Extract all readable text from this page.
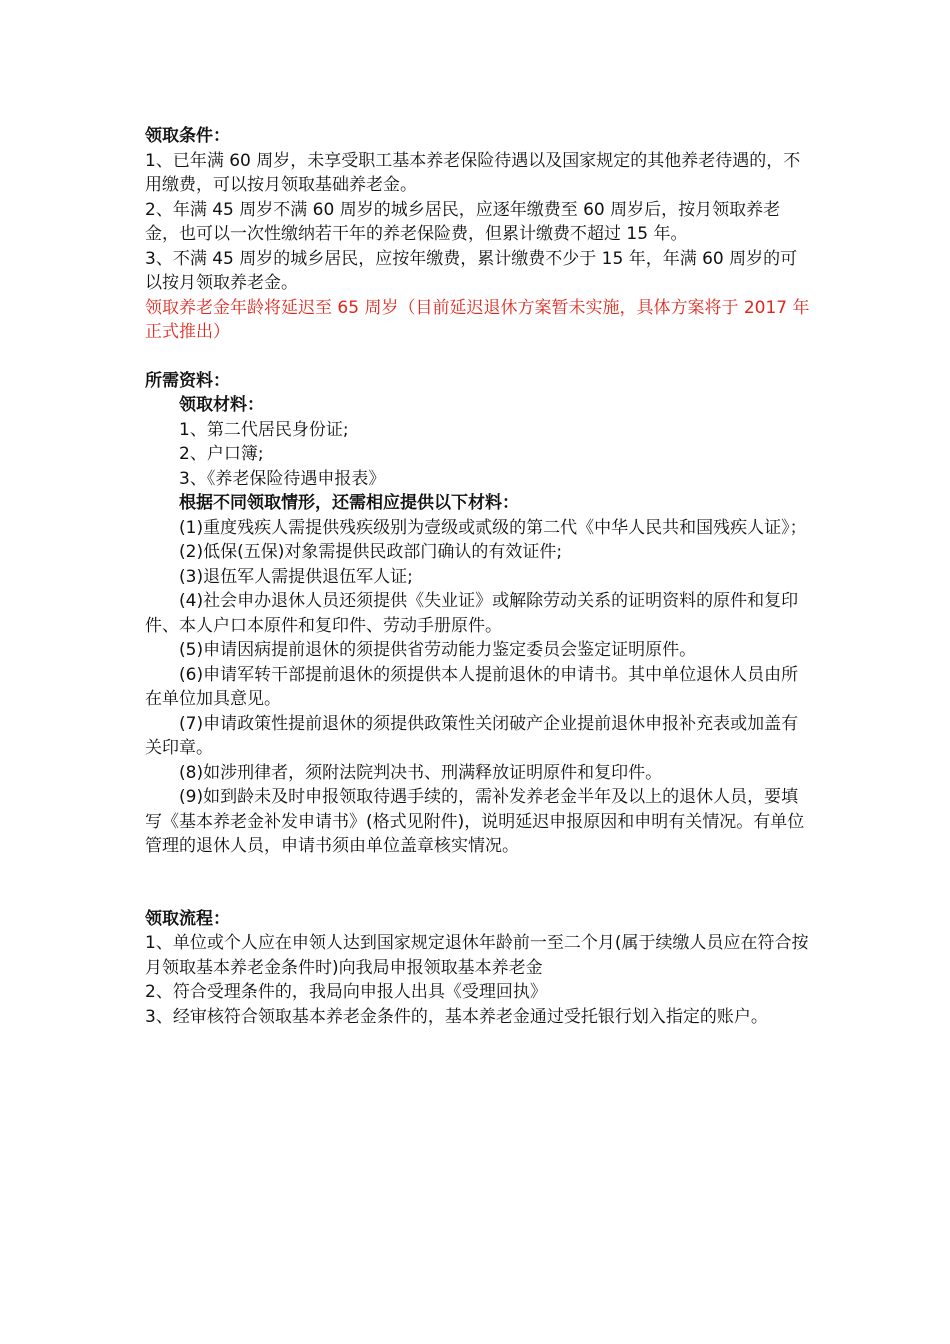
领取条件：

1、已年满 60 周岁，未享受职工基本养老保险待遇以及国家规定的其他养老待遇的，不用缴费，可以按月领取基础养老金。

2、年满 45 周岁不满 60 周岁的城乡居民，应逐年缴费至 60 周岁后，按月领取养老金，也可以一次性缴纳若干年的养老保险费，但累计缴费不超过 15 年。

3、不满 45 周岁的城乡居民，应按年缴费，累计缴费不少于 15 年，年满 60 周岁的可以按月领取养老金。

领取养老金年龄将延迟至 65 周岁（目前延迟退休方案暂未实施，具体方案将于 2017 年正式推出）

所需资料：

领取材料：

1、第二代居民身份证;

2、户口簿;

3、《养老保险待遇申报表》

根据不同领取情形，还需相应提供以下材料：

(1)重度残疾人需提供残疾级别为壹级或贰级的第二代《中华人民共和国残疾人证》；

(2)低保(五保)对象需提供民政部门确认的有效证件;

(3)退伍军人需提供退伍军人证;

(4)社会申办退休人员还须提供《失业证》或解除劳动关系的证明资料的原件和复印件、本人户口本原件和复印件、劳动手册原件。

(5)申请因病提前退休的须提供省劳动能力鉴定委员会鉴定证明原件。

(6)申请军转干部提前退休的须提供本人提前退休的申请书。其中单位退休人员由所在单位加具意见。

(7)申请政策性提前退休的须提供政策性关闭破产企业提前退休申报补充表或加盖有关印章。

(8)如涉刑律者，须附法院判决书、刑满释放证明原件和复印件。

(9)如到龄未及时申报领取待遇手续的，需补发养老金半年及以上的退休人员，要填写《基本养老金补发申请书》(格式见附件)，说明延迟申报原因和申明有关情况。有单位管理的退休人员，申请书须由单位盖章核实情况。

领取流程：

1、单位或个人应在申领人达到国家规定退休年龄前一至二个月(属于续缴人员应在符合按月领取基本养老金条件时)向我局申报领取基本养老金

2、符合受理条件的，我局向申报人出具《受理回执》

3、经审核符合领取基本养老金条件的，基本养老金通过受托银行划入指定的账户。
